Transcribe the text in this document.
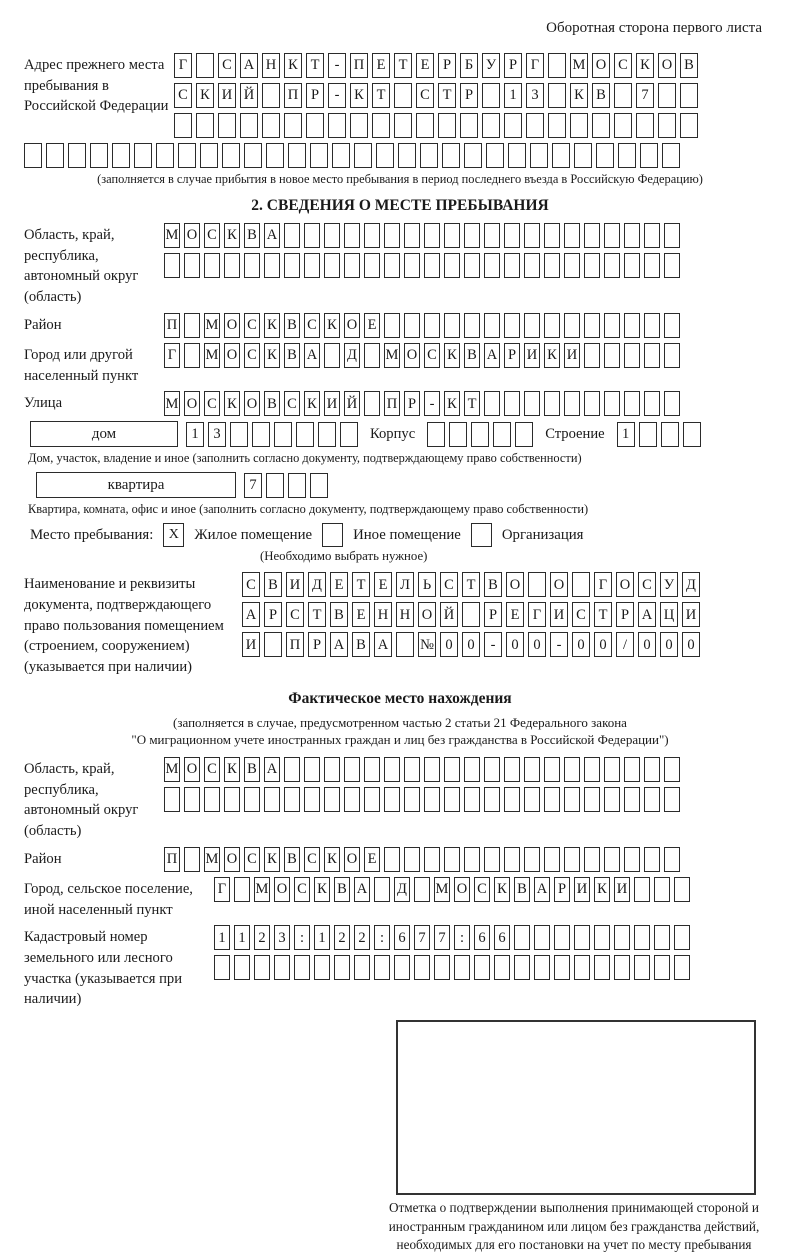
Оборотная сторона первого листа
Адрес прежнего места пребывания в Российской Федерации
Г	С А Н К Т	- П Е Т Е Р Б У Р Г	М О С К О В
С К И Й П Р	-	К Т	С Т Р	1	3	К В	7
(заполняется в случае прибытия в новое место пребывания в период последнего въезда в Российскую Федерацию)
2. СВЕДЕНИЯ О МЕСТЕ ПРЕБЫВАНИЯ
Область, край, республика, автономный округ (область)
М О С К В А
Район	П М О С К В С К О Е
Город или другой населенный пункт
Г М О С К В А Д М О С К В А Р И К И
Улица	М О С К О В С К И Й П Р - К Т
дом	1	3	Корпус	Строение	1
Дом, участок, владение и иное (заполнить согласно документу, подтверждающему право собственности)
квартира	7
Квартира, комната, офис и иное (заполнить согласно документу, подтверждающему право собственности)
Место пребывания:	X	Жилое помещение	Иное помещение	Организация
(Необходимо выбрать нужное)
Наименование и реквизиты документа, подтверждающего право пользования помещением (строением, сооружением) (указывается при наличии)
С В И Д Е Т Е Л Ь С Т В О О	Г О С У Д
А Р С Т В Е Н Н О Й	Р Е Г И С Т Р А Ц И
И П Р А В А № 0	0	-	0	0	-	0	0	/	0	0	0
Фактическое место нахождения
(заполняется в случае, предусмотренном частью 2 статьи 21 Федерального закона
"О миграционном учете иностранных граждан и лиц без гражданства в Российской Федерации")
Область, край, республика, автономный округ (область)
М О С К В А
Район	П М О С К В С К О Е
Город, сельское поселение, иной населенный пункт
Г М О С К В А Д М О С К В А Р И К И
Кадастровый номер земельного или лесного участка (указывается при наличии)
1 1 2 3 : 1 2 2 : 6 7 7 : 6 6
Отметка о подтверждении выполнения принимающей стороной и иностранным гражданином или лицом без гражданства действий, необходимых для его постановки на учет по месту пребывания
